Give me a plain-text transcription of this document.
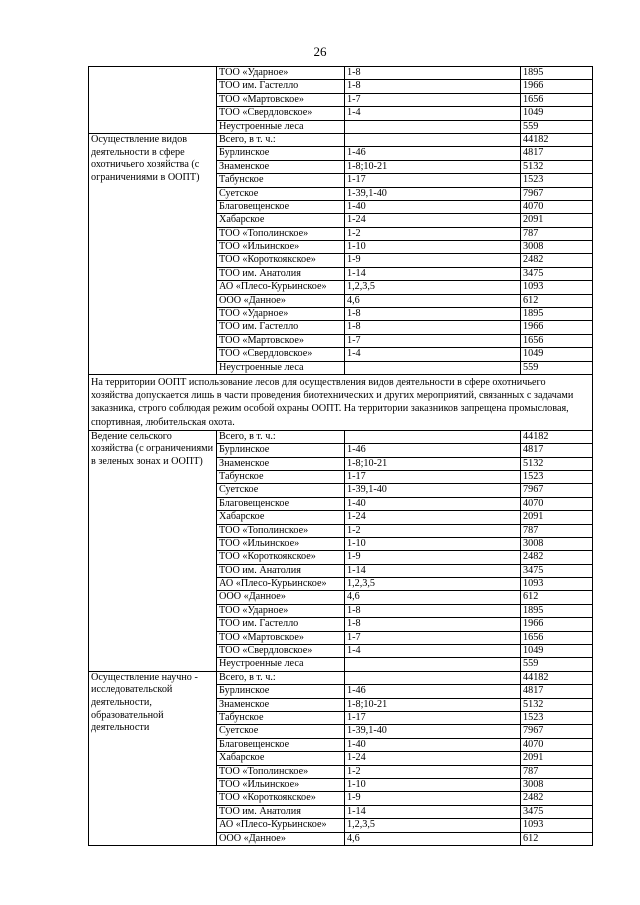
26
	ТОО «Ударное»	1-8	1895
	ТОО им. Гастелло	1-8	1966
	ТОО «Мартовское»	1-7	1656
	ТОО «Свердловское»	1-4	1049
	Неустроенные леса		559
Осуществление видов деятельности в сфере охотничьего хозяйства (с ограничениями в ООПТ)	Всего, в т. ч.:		44182
	Бурлинское	1-46	4817
	Знаменское	1-8;10-21	5132
	Табунское	1-17	1523
	Суетское	1-39,1-40	7967
	Благовещенское	1-40	4070
	Хабарское	1-24	2091
	ТОО «Тополинское»	1-2	787
	ТОО «Ильинское»	1-10	3008
	ТОО «Короткоякское»	1-9	2482
	ТОО им. Анатолия	1-14	3475
	АО «Плесо-Курьинское»	1,2,3,5	1093
	ООО «Данное»	4,6	612
	ТОО «Ударное»	1-8	1895
	ТОО им. Гастелло	1-8	1966
	ТОО «Мартовское»	1-7	1656
	ТОО «Свердловское»	1-4	1049
	Неустроенные леса		559
На территории ООПТ использование лесов для осуществления видов деятельности в сфере охотничьего хозяйства допускается лишь в части проведения биотехнических и других мероприятий, связанных с задачами заказника, строго соблюдая режим особой охраны ООПТ. На территории заказников запрещена промысловая, спортивная, любительская охота.			
Ведение сельского хозяйства (с ограничениями в зеленых зонах и ООПТ)	Всего, в т. ч.:		44182
	Бурлинское	1-46	4817
	Знаменское	1-8;10-21	5132
	Табунское	1-17	1523
	Суетское	1-39,1-40	7967
	Благовещенское	1-40	4070
	Хабарское	1-24	2091
	ТОО «Тополинское»	1-2	787
	ТОО «Ильинское»	1-10	3008
	ТОО «Короткоякское»	1-9	2482
	ТОО им. Анатолия	1-14	3475
	АО «Плесо-Курьинское»	1,2,3,5	1093
	ООО «Данное»	4,6	612
	ТОО «Ударное»	1-8	1895
	ТОО им. Гастелло	1-8	1966
	ТОО «Мартовское»	1-7	1656
	ТОО «Свердловское»	1-4	1049
	Неустроенные леса		559
Осуществление научно - исследовательской деятельности, образовательной деятельности	Всего, в т. ч.:		44182
	Бурлинское	1-46	4817
	Знаменское	1-8;10-21	5132
	Табунское	1-17	1523
	Суетское	1-39,1-40	7967
	Благовещенское	1-40	4070
	Хабарское	1-24	2091
	ТОО «Тополинское»	1-2	787
	ТОО «Ильинское»	1-10	3008
	ТОО «Короткоякское»	1-9	2482
	ТОО им. Анатолия	1-14	3475
	АО «Плесо-Курьинское»	1,2,3,5	1093
	ООО «Данное»	4,6	612
